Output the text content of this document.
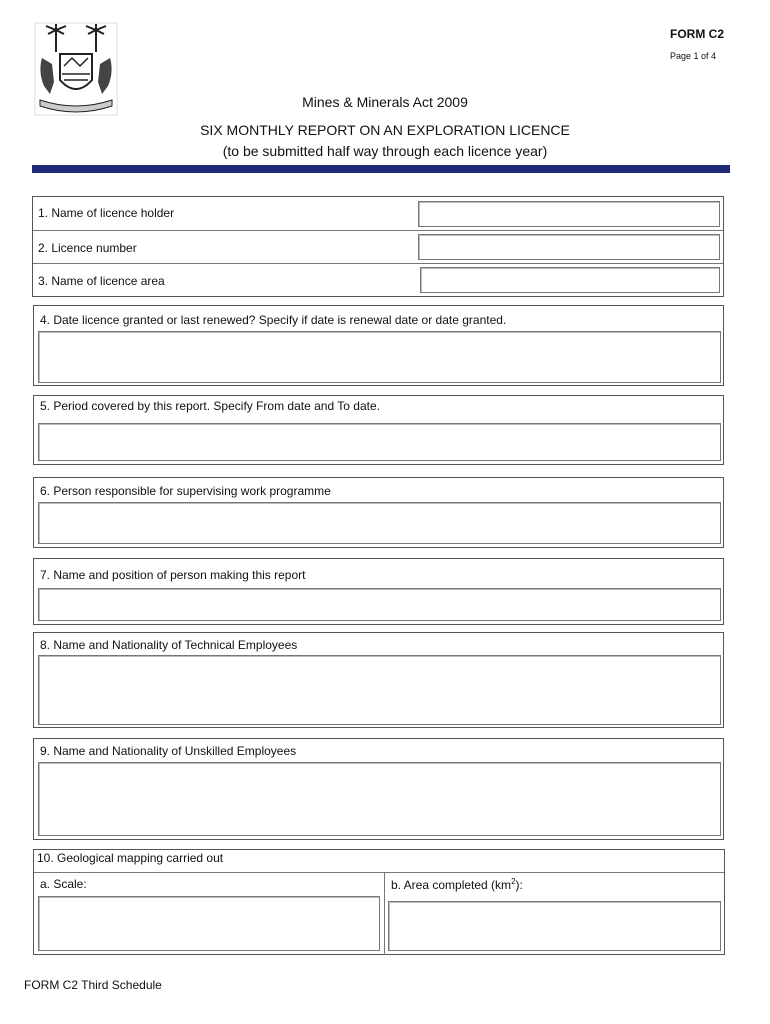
FORM C2
Page 1 of 4
Mines & Minerals Act 2009
SIX MONTHLY REPORT ON AN EXPLORATION LICENCE
(to be submitted half way through each licence year)
1. Name of licence holder
2. Licence number
3. Name of licence area
4. Date licence granted or last renewed? Specify if date is renewal date or date granted.
5. Period covered by this report. Specify From date and To date.
6. Person responsible for supervising work programme
7. Name and position of person making this report
8. Name and Nationality of Technical Employees
9. Name and Nationality of Unskilled Employees
10. Geological mapping carried out
a. Scale:	b. Area completed $(km^2)$:
FORM C2 Third Schedule
